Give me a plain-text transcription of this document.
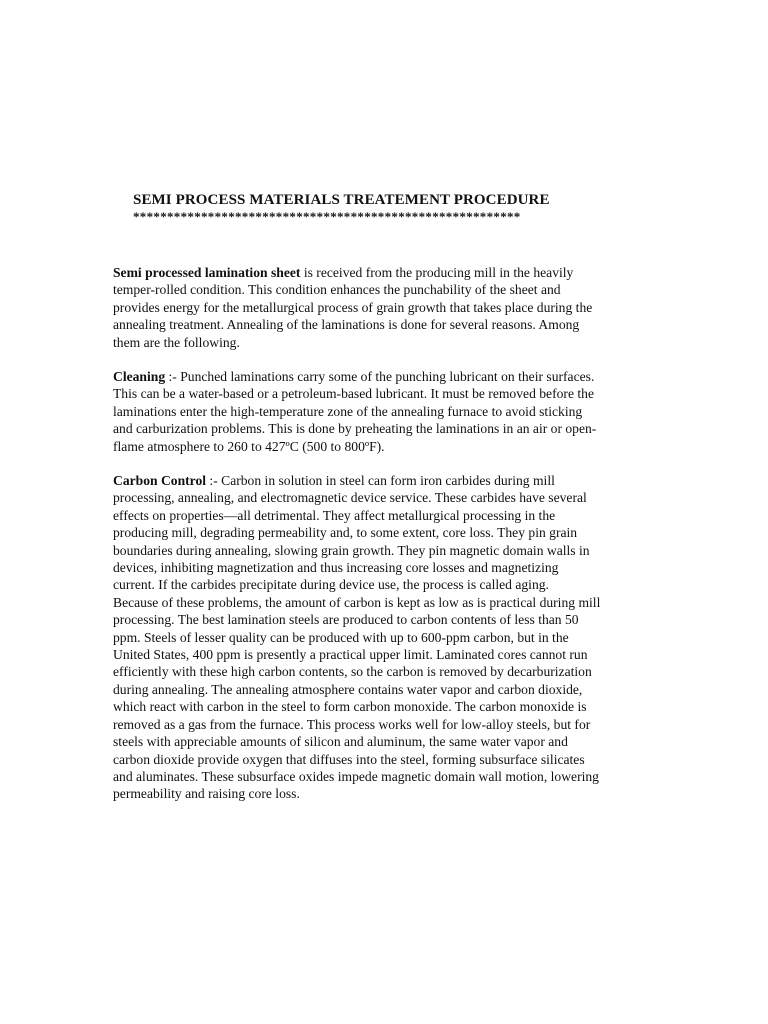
SEMI PROCESS MATERIALS TREATEMENT PROCEDURE
*********************************************************
Semi processed lamination sheet is received from the producing mill in the heavily
temper-rolled condition. This condition enhances the punchability of the sheet and
provides energy for the metallurgical process of grain growth that takes place during the
annealing treatment. Annealing of the laminations is done for several reasons. Among
them are the following.
Cleaning :- Punched laminations carry some of the punching lubricant on their surfaces.
This can be a water-based or a petroleum-based lubricant. It must be removed before the
laminations enter the high-temperature zone of the annealing furnace to avoid sticking
and carburization problems. This is done by preheating the laminations in an air or open-
flame atmosphere to 260 to 427ºC (500 to 800ºF).
Carbon Control :- Carbon in solution in steel can form iron carbides during mill
processing, annealing, and electromagnetic device service. These carbides have several
effects on properties—all detrimental. They affect metallurgical processing in the
producing mill, degrading permeability and, to some extent, core loss. They pin grain
boundaries during annealing, slowing grain growth. They pin magnetic domain walls in
devices, inhibiting magnetization and thus increasing core losses and magnetizing
current. If the carbides precipitate during device use, the process is called aging.
Because of these problems, the amount of carbon is kept as low as is practical during mill
processing. The best lamination steels are produced to carbon contents of less than 50
ppm. Steels of lesser quality can be produced with up to 600-ppm carbon, but in the
United States, 400 ppm is presently a practical upper limit. Laminated cores cannot run
efficiently with these high carbon contents, so the carbon is removed by decarburization
during annealing. The annealing atmosphere contains water vapor and carbon dioxide,
which react with carbon in the steel to form carbon monoxide. The carbon monoxide is
removed as a gas from the furnace. This process works well for low-alloy steels, but for
steels with appreciable amounts of silicon and aluminum, the same water vapor and
carbon dioxide provide oxygen that diffuses into the steel, forming subsurface silicates
and aluminates. These subsurface oxides impede magnetic domain wall motion, lowering
permeability and raising core loss.
